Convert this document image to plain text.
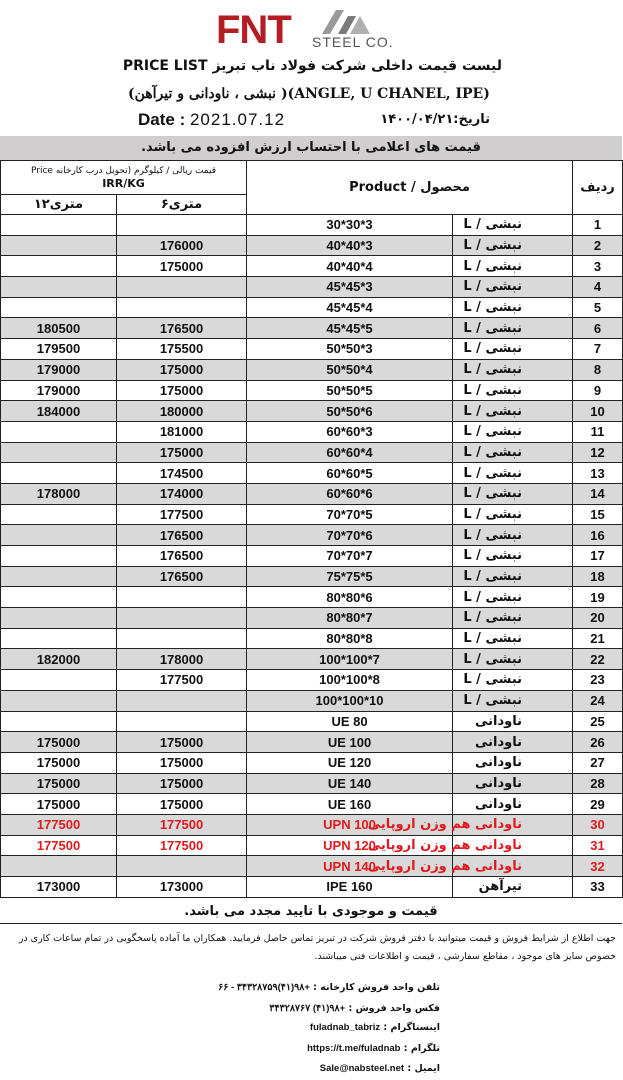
FNT STEEL CO.
لیست قیمت داخلی شرکت فولاد ناب تبریز PRICE LIST
(نبشی ، ناودانی و تیرآهن )(ANGLE, U CHANEL, IPE)
Date : 2021.07.12	تاریخ:۱۴۰۰/۰۴/۲۱
قیمت های اعلامی با احتساب ارزش افزوده می باشد.
قیمت ریالی / کیلوگرم (تحویل درب کارخانه Price
IRR/KG		Product / محصول		ردیف
۱۲متری	۶متری			
		30*30*3	نبشی / L	1
	176000	40*40*3	نبشی / L	2
	175000	40*40*4	نبشی / L	3
		45*45*3	نبشی / L	4
		45*45*4	نبشی / L	5
180500	176500	45*45*5	نبشی / L	6
179500	175500	50*50*3	نبشی / L	7
179000	175000	50*50*4	نبشی / L	8
179000	175000	50*50*5	نبشی / L	9
184000	180000	50*50*6	نبشی / L	10
	181000	60*60*3	نبشی / L	11
	175000	60*60*4	نبشی / L	12
	174500	60*60*5	نبشی / L	13
178000	174000	60*60*6	نبشی / L	14
	177500	70*70*5	نبشی / L	15
	176500	70*70*6	نبشی / L	16
	176500	70*70*7	نبشی / L	17
	176500	75*75*5	نبشی / L	18
		80*80*6	نبشی / L	19
		80*80*7	نبشی / L	20
		80*80*8	نبشی / L	21
182000	178000	100*100*7	نبشی / L	22
	177500	100*100*8	نبشی / L	23
		100*100*10	نبشی / L	24
		UE 80	ناودانی	25
175000	175000	UE 100	ناودانی	26
175000	175000	UE 120	ناودانی	27
175000	175000	UE 140	ناودانی	28
175000	175000	UE 160	ناودانی	29
177500	177500	UPN 100	ناودانی هم وزن اروپایی	30
177500	177500	UPN 120	ناودانی هم وزن اروپایی	31
		UPN 140	ناودانی هم وزن اروپایی	32
173000	173000	IPE 160	تیرآهن	33
قیمت و موجودی با تایید مجدد می باشد.
جهت اطلاع از شرایط فروش و قیمت میتوانید با دفتر فروش شرکت در تبریز تماس حاصل فرمایید. همکاران ما آماده پاسخگویی در تمام ساعات کاری در
خصوص سایز های موجود ، مقاطع سفارشی ، قیمت و اطلاعات فنی میباشند.
تلفن واحد فروش کارخانه : ۶۶ - ۳۴۳۲۸۷۵۹(۴۱)۹۸+
فکس واحد فروش : ۳۴۳۲۸۷۶۷ (۴۱)۹۸+
اینستاگرام : fuladnab_tabriz
تلگرام : https://t.me/fuladnab
ایمیل : Sale@nabsteel.net
